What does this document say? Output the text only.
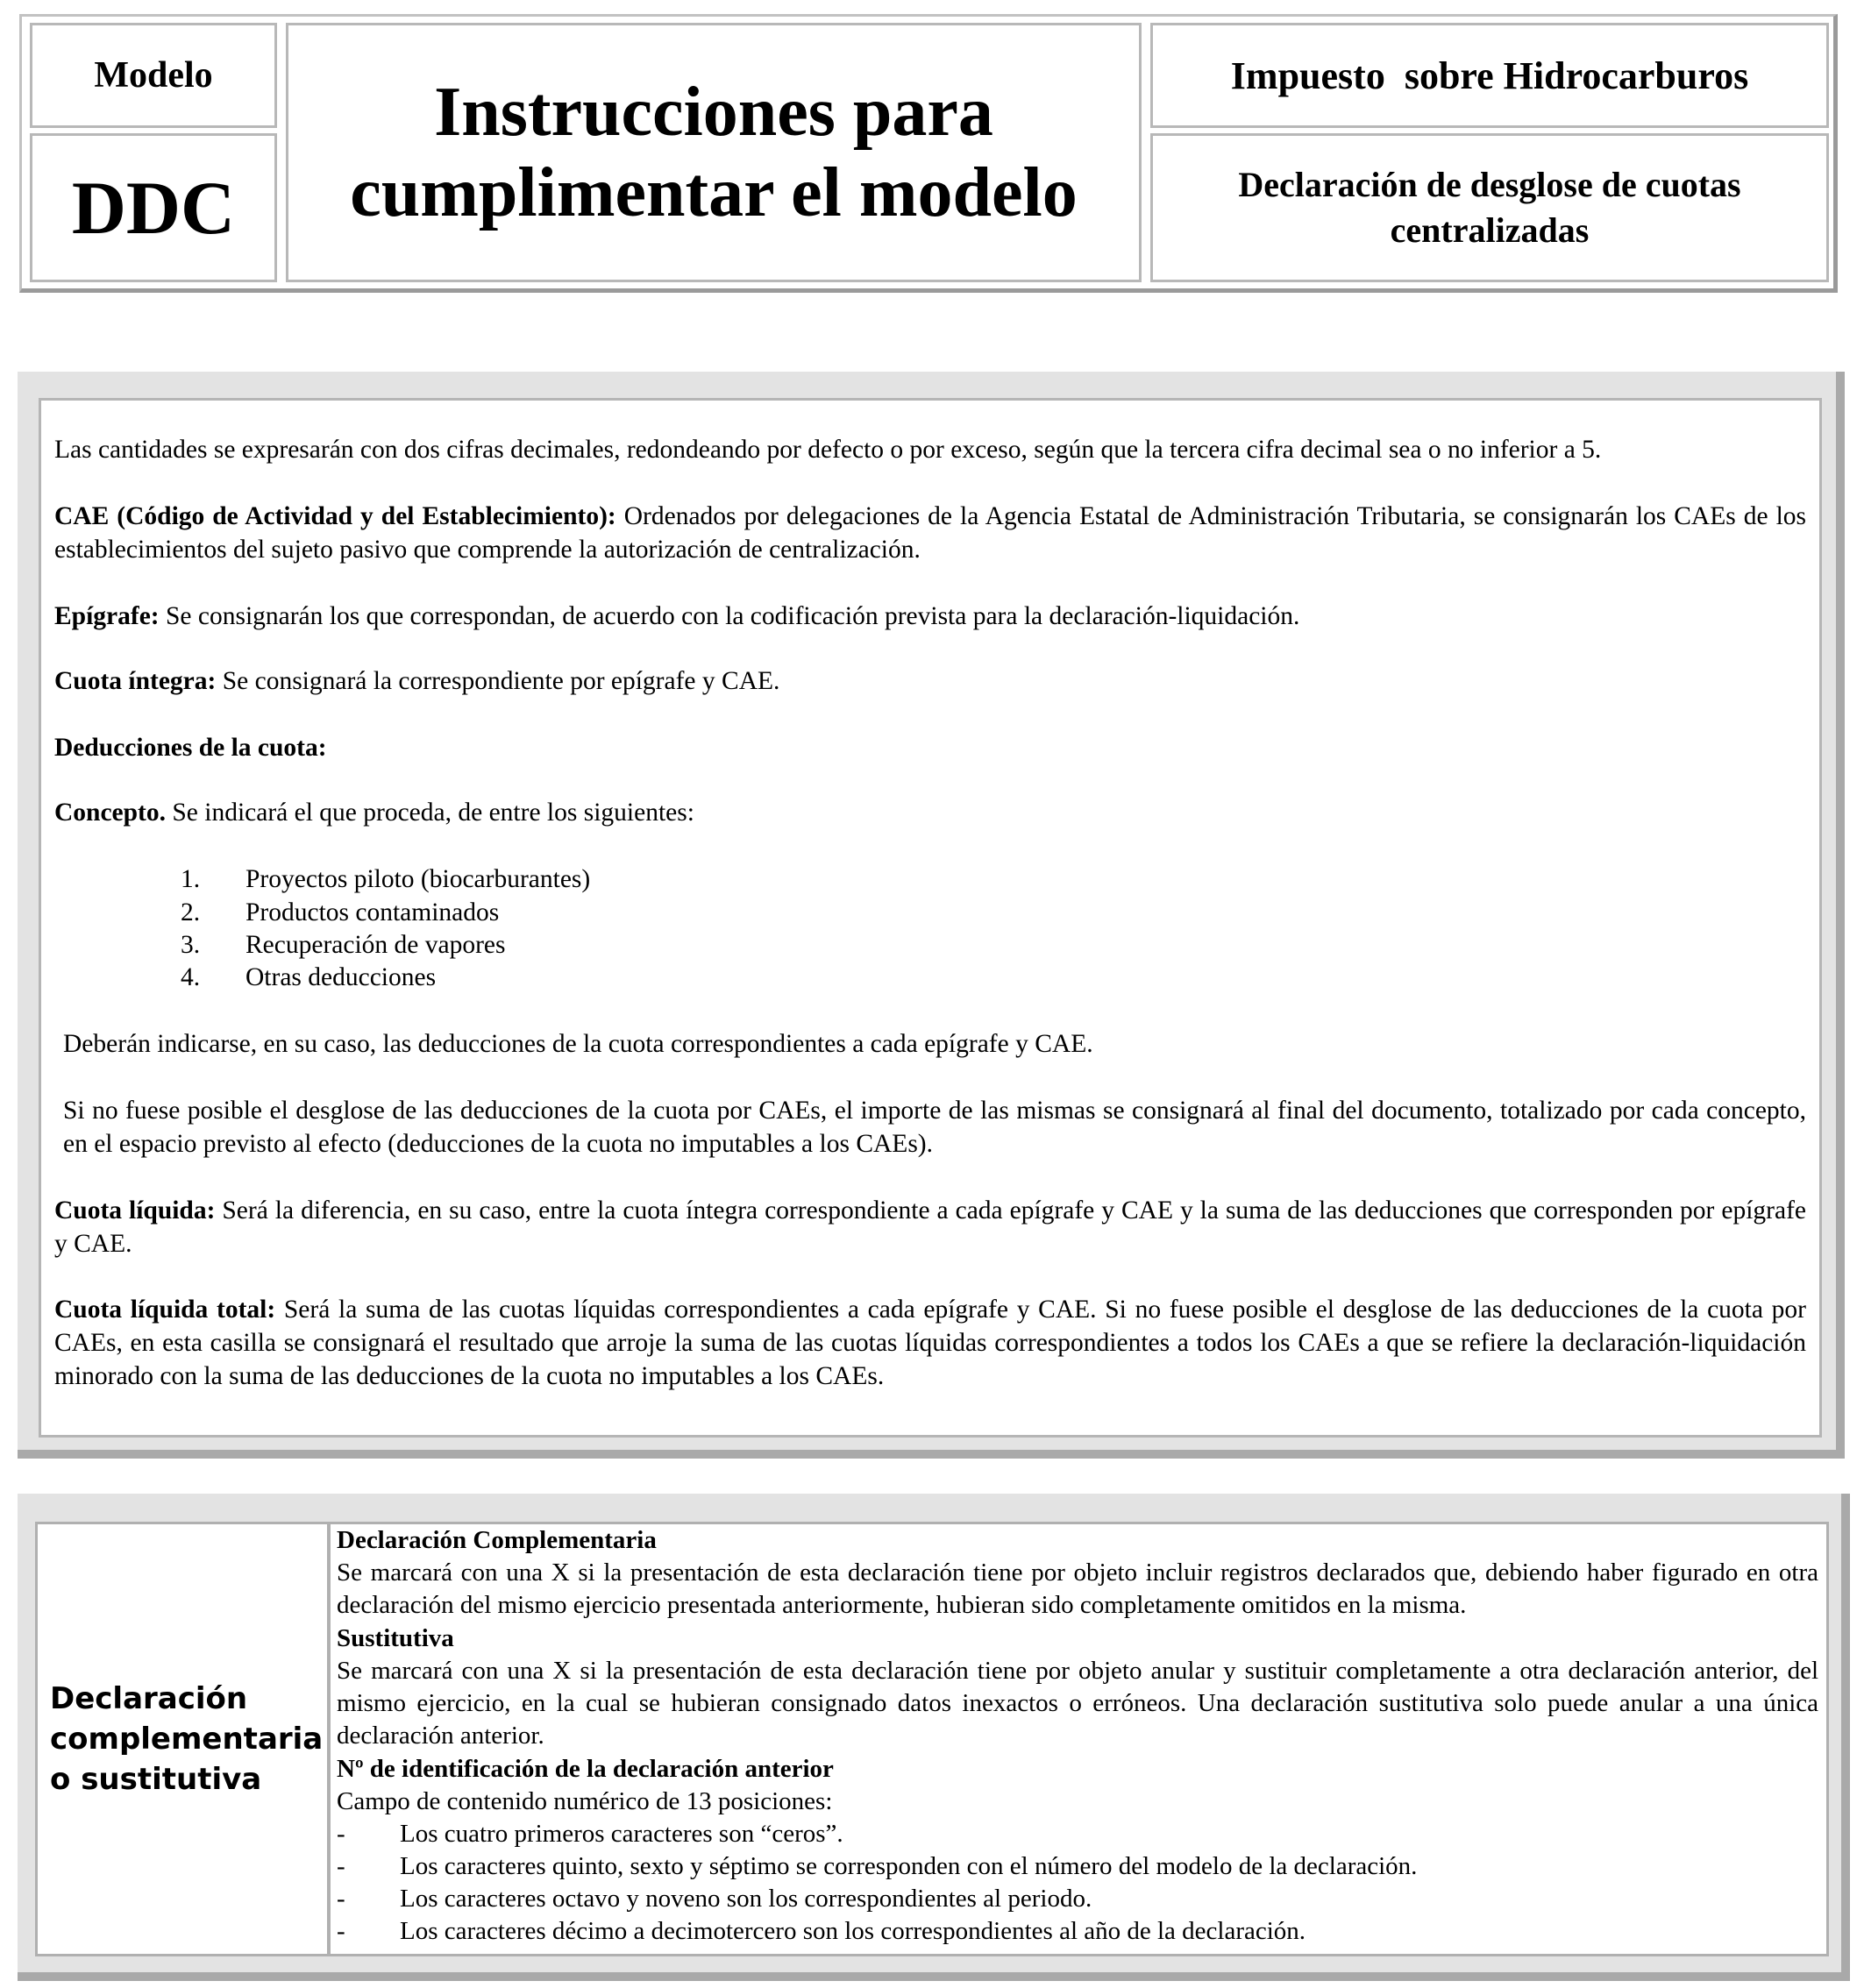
Modelo
DDC
Instrucciones para
cumplimentar el modelo
Impuesto  sobre Hidrocarburos
Declaración de desglose de cuotas
centralizadas
Las cantidades se expresarán con dos cifras decimales, redondeando por defecto o por exceso, según que la tercera cifra decimal sea o no inferior a 5.
CAE (Código de Actividad y del Establecimiento): Ordenados por delegaciones de la Agencia Estatal de Administración Tributaria, se consignarán los CAEs de los establecimientos del sujeto pasivo que comprende la autorización de centralización.
Epígrafe: Se consignarán los que correspondan, de acuerdo con la codificación prevista para la declaración-liquidación.
Cuota íntegra: Se consignará la correspondiente por epígrafe y CAE.
Deducciones de la cuota:
Concepto. Se indicará el que proceda, de entre los siguientes:
1.	Proyectos piloto (biocarburantes)
2.	Productos contaminados
3.	Recuperación de vapores
4.	Otras deducciones
Deberán indicarse, en su caso, las deducciones de la cuota correspondientes a cada epígrafe y CAE.
Si no fuese posible el desglose de las deducciones de la cuota por CAEs, el importe de las mismas se consignará al final del documento, totalizado por cada concepto, en el espacio previsto al efecto (deducciones de la cuota no imputables a los CAEs).
Cuota líquida: Será la diferencia, en su caso, entre la cuota íntegra correspondiente a cada epígrafe y CAE y la suma de las deducciones que corresponden por epígrafe y CAE.
Cuota líquida total: Será la suma de las cuotas líquidas correspondientes a cada epígrafe y CAE. Si no fuese posible el desglose de las deducciones de la cuota por CAEs, en esta casilla se consignará el resultado que arroje la suma de las cuotas líquidas correspondientes a todos los CAEs a que se refiere la declaración-liquidación minorado con la suma de las deducciones de la cuota no imputables a los CAEs.
Declaración complementaria o sustitutiva
Declaración Complementaria
Se marcará con una X si la presentación de esta declaración tiene por objeto incluir registros declarados que, debiendo haber figurado en otra declaración del mismo ejercicio presentada anteriormente, hubieran sido completamente omitidos en la misma.
Sustitutiva
Se marcará con una X si la presentación de esta declaración tiene por objeto anular y sustituir completamente a otra declaración anterior, del mismo ejercicio, en la cual se hubieran consignado datos inexactos o erróneos. Una declaración sustitutiva solo puede anular a una única declaración anterior.
Nº de identificación de la declaración anterior
Campo de contenido numérico de 13 posiciones:
- Los cuatro primeros caracteres son “ceros”.
- Los caracteres quinto, sexto y séptimo se corresponden con el número del modelo de la declaración.
- Los caracteres octavo y noveno son los correspondientes al periodo.
- Los caracteres décimo a decimotercero son los correspondientes al año de la declaración.
